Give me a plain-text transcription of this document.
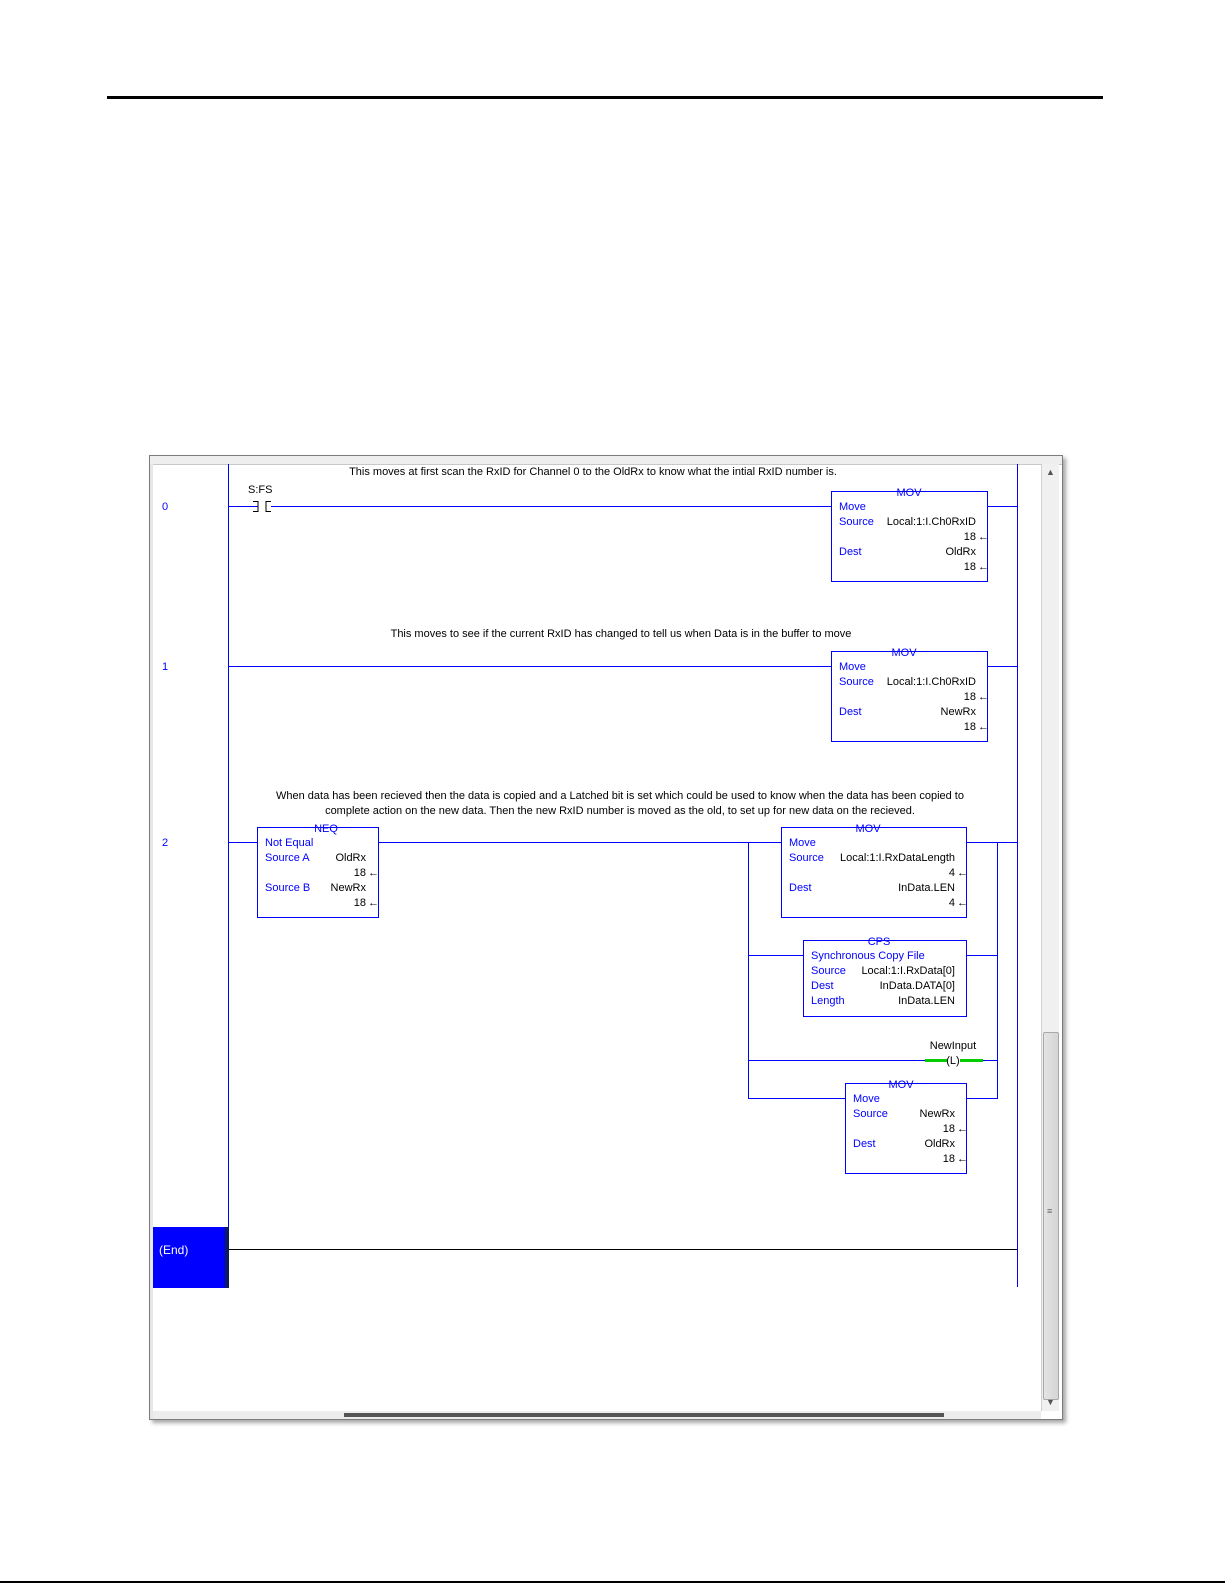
0
This moves at first scan the RxID for Channel 0 to the OldRx to know what the intial RxID number is.
S:FS	MOV
Move
Source Local:1:I.Ch0RxID
18 ←
Dest	OldRx
18 ←
1
This moves to see if the current RxID has changed to tell us when Data is in the buffer to move
MOV
Move
Source Local:1:I.Ch0RxID
18 ←
Dest	NewRx
18 ←
2
When data has been recieved then the data is copied and a Latched bit is set which could be used to know when the data has been copied to
complete action on the new data. Then the new RxID number is moved as the old, to set up for new data on the recieved.
NEQ
Not Equal
Source A OldRx
18 ←
Source B NewRx
18 ←
MOV
Move
Source Local:1:I.RxDataLength
4 ←
Dest	InData.LEN
4 ←
CPS
Synchronous Copy File
Source Local:1:I.RxData[0]
Dest	InData.DATA[0]
Length	InData.LEN
NewInput
(L)
MOV
Move
Source	NewRx
18 ←
Dest	OldRx
18 ←
(End)
▲
≡
▼
